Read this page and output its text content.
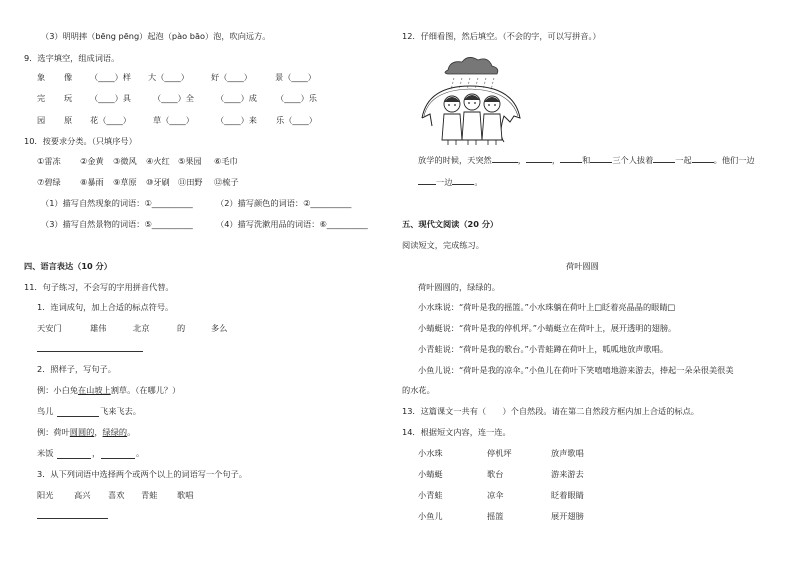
（3）明明摔（bēng pēng）起泡（pào bāo）泡，吹向远方。
9．选字填空，组成词语。
象 像 （____）样 大（____）	好（____）	景（____）
完 玩 （____）具	（____）全	（____）成 （____）乐
园 原 花（____）	草（____）	（____）来 乐（____）
10．按要求分类。（只填序号）
①雷冻 ②金黄 ③微风 ④火红 ⑤果园 ⑥毛巾
⑦碧绿 ⑧暴雨 ⑨草原 ⑩牙刷 ⑪田野 ⑫梳子
（1）描写自然现象的词语：①__________	（2）描写颜色的词语：②__________
（3）描写自然景物的词语：⑤__________	（4）描写洗漱用品的词语：⑥__________
四、语言表达（10 分）
11．句子练习，不会写的字用拼音代替。
1．连词成句，加上合适的标点符号。
天安门	雄伟	北京	的	多么
2．照样子，写句子。
例：小白兔在山坡上割草。（在哪儿？）
鸟儿	飞来飞去。
例：荷叶圆圆的，绿绿的。
米饭	，	。
3．从下列词语中选择两个或两个以上的词语写一个句子。
阳光	高兴 喜欢 青蛙 歌唱
12．仔细看图，然后填空。（不会的字，可以写拼音。）
放学的时候，天突然	，	，	和	三个人拔着	一起	。他们一边
一边	。
五、现代文阅读（20 分）
阅读短文，完成练习。
荷叶圆圆
荷叶圆圆的，绿绿的。
小水珠说：“荷叶是我的摇篮。”小水珠躺在荷叶上□眨着亮晶晶的眼睛□
小蜻蜓说：“荷叶是我的停机坪。”小蜻蜓立在荷叶上，展开透明的翅膀。
小青蛙说：“荷叶是我的歌台。”小青蛙蹲在荷叶上，呱呱地放声歌唱。
小鱼儿说：“荷叶是我的凉伞。”小鱼儿在荷叶下笑嘻嘻地游来游去，捧起一朵朵很美很美
的水花。
13．这篇课文一共有（　　）个自然段。请在第二自然段方框内加上合适的标点。
14．根据短文内容，连一连。
小水珠	停机坪	放声歌唱
小蜻蜓	歌台	游来游去
小青蛙	凉伞	眨着眼睛
小鱼儿	摇篮	展开翅膀
